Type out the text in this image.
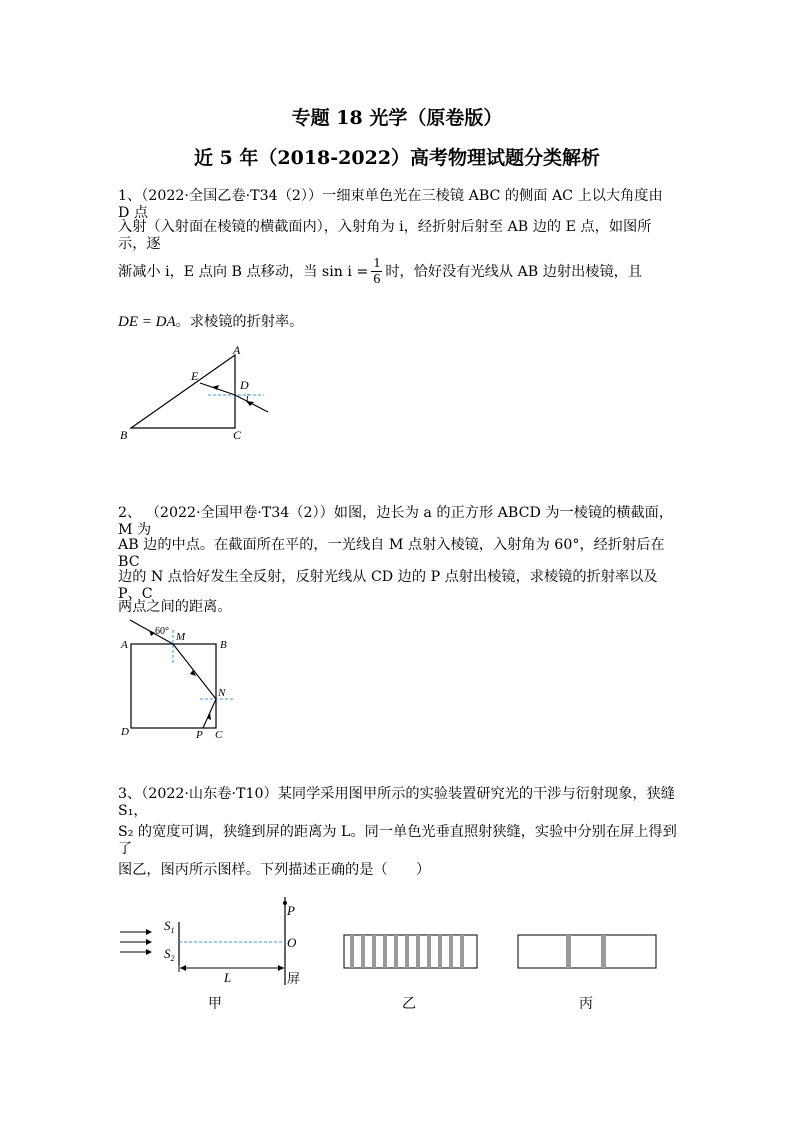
专题 18 光学（原卷版）
近 5 年（2018-2022）高考物理试题分类解析
1、（2022·全国乙卷·T34（2））一细束单色光在三棱镜 ABC 的侧面 AC 上以大角度由 D 点
入射（入射面在棱镜的横截面内），入射角为 i，经折射后射至 AB 边的 E 点，如图所示，逐
渐减小 i，E 点向 B 点移动，当 $\sin i = \frac{1}{6}$ 时，恰好没有光线从 AB 边射出棱镜，且
DE = DA。求棱镜的折射率。
A
B	C
D
E
i
2、 （2022·全国甲卷·T34（2））如图，边长为 a 的正方形 ABCD 为一棱镜的横截面，M 为
AB 边的中点。在截面所在平的，一光线自 M 点射入棱镜，入射角为 60°，经折射后在 BC
边的 N 点恰好发生全反射，反射光线从 CD 边的 P 点射出棱镜，求棱镜的折射率以及 P、C
两点之间的距离。
60°
A	B
C
D
M
N
P
3、（2022·山东卷·T10）某同学采用图甲所示的实验装置研究光的干涉与衍射现象，狭缝 S₁，
S₂ 的宽度可调，狭缝到屏的距离为 L。同一单色光垂直照射狭缝，实验中分别在屏上得到了
图乙，图丙所示图样。下列描述正确的是（　　）
$S_1$
$S_2$
P
O
L	屏
甲	乙	丙
